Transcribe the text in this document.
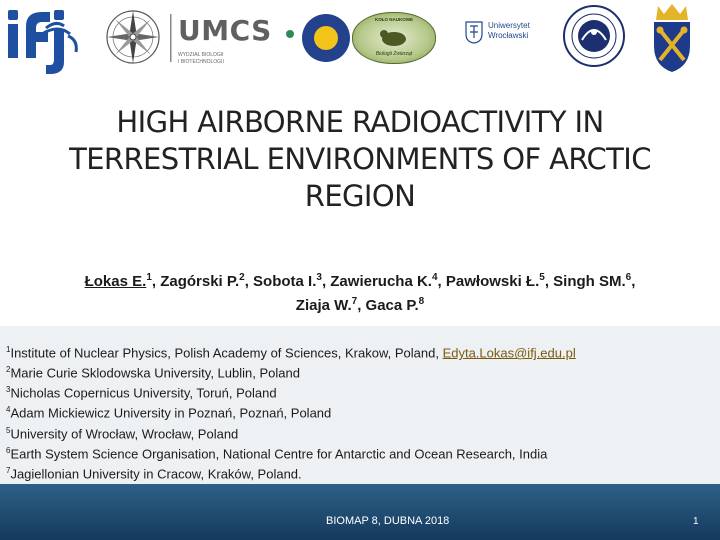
UMCS
WYDZIAŁ BIOLOGII
I BIOTECHNOLOGII
KOŁO NAUKOWE
Biologii Zwierząt
Uniwersytet
Wrocławski
HIGH AIRBORNE RADIOACTIVITY IN
TERRESTRIAL ENVIRONMENTS OF ARCTIC
REGION
Łokas E.$^1$, Zagórski P.$^2$, Sobota I.$^3$, Zawierucha K.$^4$, Pawłowski Ł.$^5$, Singh SM.$^6$,
Ziaja W.$^7$, Gaca P.$^8$
$^1$Institute of Nuclear Physics, Polish Academy of Sciences, Krakow, Poland, Edyta.Lokas@ifj.edu.pl
$^2$Marie Curie Sklodowska University, Lublin, Poland
$^3$Nicholas Copernicus University, Toruń, Poland
$^4$Adam Mickiewicz University in Poznań, Poznań, Poland
$^5$University of Wrocław, Wrocław, Poland
$^6$Earth System Science Organisation, National Centre for Antarctic and Ocean Research, India
$^7$Jagiellonian University in Cracow, Kraków, Poland.
BIOMAP 8, DUBNA 2018	1
